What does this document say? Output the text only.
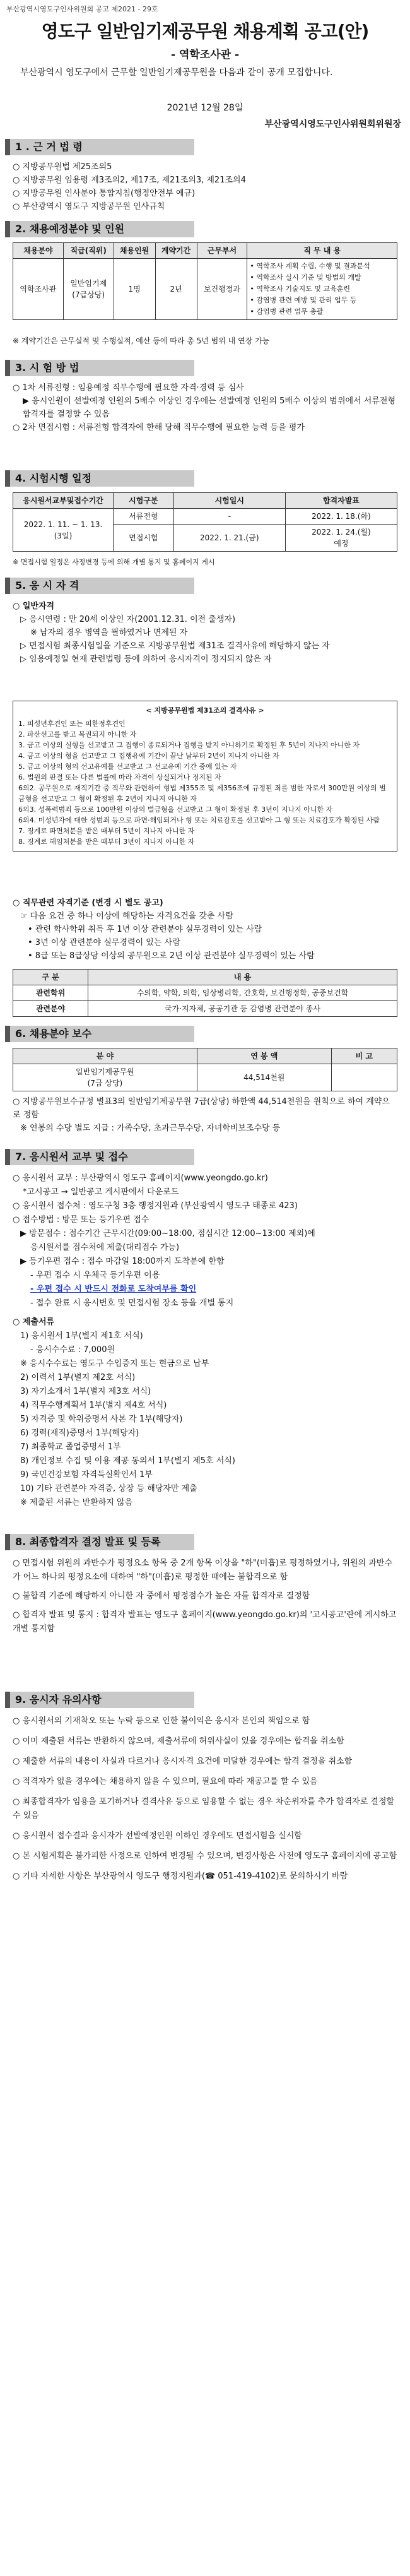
부산광역시영도구인사위원회 공고 제2021 - 29호
영도구 일반임기제공무원 채용계획 공고(안)
- 역학조사관 -
부산광역시 영도구에서 근무할 일반임기제공무원을 다음과 같이 공개 모집합니다.
2021년 12월 28일
부산광역시영도구인사위원회위원장
1 . 근 거 법 령

○ 지방공무원법 제25조의5

○ 지방공무원 임용령 제3조의2, 제17조, 제21조의3, 제21조의4

○ 지방공무원 인사분야 통합지침(행정안전부 예규)

○ 부산광역시 영도구 지방공무원 인사규칙

2. 채용예정분야 및 인원
채용분야	직급(직위)	채용인원	계약기간	근무부서	직 무 내 용
역학조사관	일반임기제
(7급상당)	1명	2년	보건행정과	• 역학조사 계획 수립, 수행 및 결과분석
• 역학조사 실시 기준 및 방법의 개발
• 역학조사 기술지도 및 교육훈련
• 감염병 관련 예방 및 관리 업무 등
• 감염병 관련 업무 총괄
※ 계약기간은 근무실적 및 수행실적, 예산 등에 따라 총 5년 범위 내 연장 가능
3. 시 험 방 법

○ 1차 서류전형 : 임용예정 직무수행에 필요한 자격·경력 등 심사

▶ 응시인원이 선발예정 인원의 5배수 이상인 경우에는 선발예정 인원의 5배수 이상의 범위에서 서류전형 합격자를 결정할 수 있음

○ 2차 면접시험 : 서류전형 합격자에 한해 당해 직무수행에 필요한 능력 등을 평가

4. 시험시행 일정
응시원서교부및접수기간	시험구분	시험일시	합격자발표
2022. 1. 11. ~ 1. 13.
(3일)	서류전형	-	2022. 1. 18.(화)
	면접시험	2022. 1. 21.(금)	2022. 1. 24.(월)
예정
※ 면접시험 일정은 사정변경 등에 의해 개별 통지 및 홈페이지 게시
5. 응 시 자 격

○ 일반자격

▷ 응시연령 : 만 20세 이상인 자(2001.12.31. 이전 출생자)

※ 남자의 경우 병역을 필하였거나 면제된 자

▷ 면접시험 최종시험일을 기준으로 지방공무원법 제31조 결격사유에 해당하지 않는 자

▷ 임용예정일 현재 관련법령 등에 의하여 응시자격이 정지되지 않은 자

< 지방공무원법 제31조의 결격사유 >

1. 피성년후견인 또는 피한정후견인

2. 파산선고를 받고 복권되지 아니한 자

3. 금고 이상의 실형을 선고받고 그 집행이 종료되거나 집행을 받지 아니하기로 확정된 후 5년이 지나지 아니한 자

4. 금고 이상의 형을 선고받고 그 집행유예 기간이 끝난 날부터 2년이 지나지 아니한 자

5. 금고 이상의 형의 선고유예를 선고받고 그 선고유예 기간 중에 있는 자

6. 법원의 판결 또는 다른 법률에 따라 자격이 상실되거나 정지된 자

6의2. 공무원으로 재직기간 중 직무와 관련하여 형법 제355조 및 제356조에 규정된 죄를 범한 자로서 300만원 이상의 벌금형을 선고받고 그 형이 확정된 후 2년이 지나지 아니한 자

6의3. 성폭력범죄 등으로 100만원 이상의 벌금형을 선고받고 그 형이 확정된 후 3년이 지나지 아니한 자

6의4. 미성년자에 대한 성범죄 등으로 파면·해임되거나 형 또는 치료감호를 선고받아 그 형 또는 치료감호가 확정된 사람

7. 징계로 파면처분을 받은 때부터 5년이 지나지 아니한 자

8. 징계로 해임처분을 받은 때부터 3년이 지나지 아니한 자

○ 직무관련 자격기준 (변경 시 별도 공고)

☞ 다음 요건 중 하나 이상에 해당하는 자격요건을 갖춘 사람

• 관련 학사학위 취득 후 1년 이상 관련분야 실무경력이 있는 사람

• 3년 이상 관련분야 실무경력이 있는 사람

• 8급 또는 8급상당 이상의 공무원으로 2년 이상 관련분야 실무경력이 있는 사람

구 분	내 용
관련학위	수의학, 약학, 의학, 임상병리학, 간호학, 보건행정학, 공중보건학
관련분야	국가·지자체, 공공기관 등 감염병 관련분야 종사
6. 채용분야 보수
분 야	연 봉 액	비 고
일반임기제공무원
(7급 상당)	44,514천원	

○ 지방공무원보수규정 별표3의 일반임기제공무원 7급(상당) 하한액 44,514천원을 원칙으로 하여 계약으로 정함

※ 연봉의 수당 별도 지급 : 가족수당, 초과근무수당, 자녀학비보조수당 등

7. 응시원서 교부 및 접수

○ 응시원서 교부 : 부산광역시 영도구 홈페이지(www.yeongdo.go.kr)

*고시공고 → 일반공고 게시판에서 다운로드

○ 응시원서 접수처 : 영도구청 3층 행정지원과 (부산광역시 영도구 태종로 423)

○ 접수방법 : 방문 또는 등기우편 접수

▶ 방문접수 : 접수기간 근무시간(09:00~18:00, 점심시간 12:00~13:00 제외)에

응시원서를 접수처에 제출(대리접수 가능)

▶ 등기우편 접수 : 접수 마감일 18:00까지 도착분에 한함

- 우편 접수 시 우체국 등기우편 이용

- 우편 접수 시 반드시 전화로 도착여부를 확인

- 접수 완료 시 응시번호 및 면접시험 장소 등을 개별 통지

○ 제출서류

1) 응시원서 1부(별지 제1호 서식)

- 응시수수료 : 7,000원

※ 응시수수료는 영도구 수입증지 또는 현금으로 납부

2) 이력서 1부(별지 제2호 서식)

3) 자기소개서 1부(별지 제3호 서식)

4) 직무수행계획서 1부(별지 제4호 서식)

5) 자격증 및 학위증명서 사본 각 1부(해당자)

6) 경력(재직)증명서 1부(해당자)

7) 최종학교 졸업증명서 1부

8) 개인정보 수집 및 이용 제공 동의서 1부(별지 제5호 서식)

9) 국민건강보험 자격득실확인서 1부

10) 기타 관련분야 자격증, 상장 등 해당자만 제출

※ 제출된 서류는 반환하지 않음

8. 최종합격자 결정 발표 및 등록

○ 면접시험 위원의 과반수가 평정요소 항목 중 2개 항목 이상을 "하"(미흡)로 평정하였거나, 위원의 과반수가 어느 하나의 평정요소에 대하여 "하"(미흡)로 평정한 때에는 불합격으로 함

○ 불합격 기준에 해당하지 아니한 자 중에서 평정점수가 높은 자를 합격자로 결정함

○ 합격자 발표 및 통지 : 합격자 발표는 영도구 홈페이지(www.yeongdo.go.kr)의 '고시공고'란에 게시하고 개별 통지함

9. 응시자 유의사항

○ 응시원서의 기재착오 또는 누락 등으로 인한 불이익은 응시자 본인의 책임으로 함

○ 이미 제출된 서류는 반환하지 않으며, 제출서류에 허위사실이 있을 경우에는 합격을 취소함

○ 제출한 서류의 내용이 사실과 다르거나 응시자격 요건에 미달한 경우에는 합격 결정을 취소함

○ 적격자가 없을 경우에는 채용하지 않을 수 있으며, 필요에 따라 재공고를 할 수 있음

○ 최종합격자가 임용을 포기하거나 결격사유 등으로 임용할 수 없는 경우 차순위자를 추가 합격자로 결정할 수 있음

○ 응시원서 접수결과 응시자가 선발예정인원 이하인 경우에도 면접시험을 실시함

○ 본 시험계획은 불가피한 사정으로 인하여 변경될 수 있으며, 변경사항은 사전에 영도구 홈페이지에 공고함

○ 기타 자세한 사항은 부산광역시 영도구 행정지원과(☎ 051-419-4102)로 문의하시기 바람
